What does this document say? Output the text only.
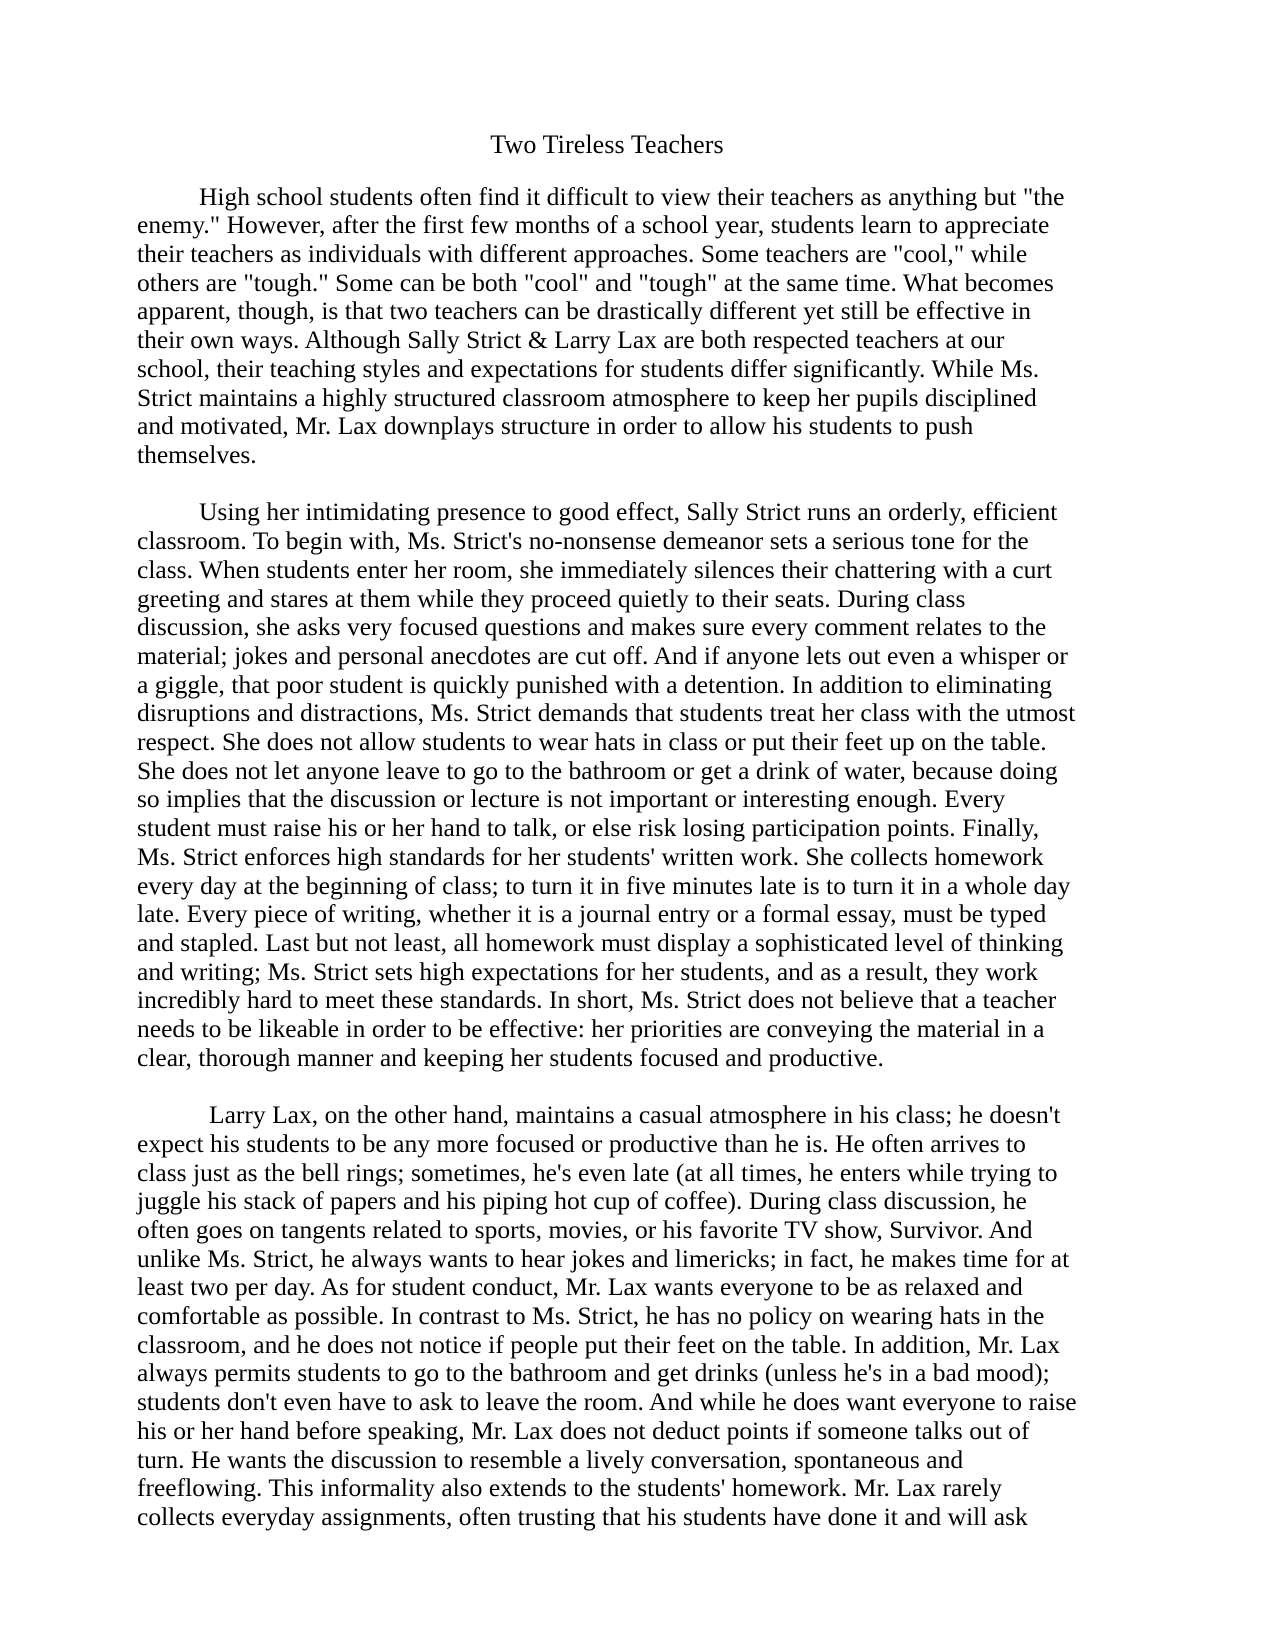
Two Tireless Teachers

High school students often find it difficult to view their teachers as anything but "the enemy." However, after the first few months of a school year, students learn to appreciate their teachers as individuals with different approaches. Some teachers are "cool," while others are "tough." Some can be both "cool" and "tough" at the same time. What becomes apparent, though, is that two teachers can be drastically different yet still be effective in their own ways. Although Sally Strict & Larry Lax are both respected teachers at our school, their teaching styles and expectations for students differ significantly. While Ms. Strict maintains a highly structured classroom atmosphere to keep her pupils disciplined and motivated, Mr. Lax downplays structure in order to allow his students to push themselves.

Using her intimidating presence to good effect, Sally Strict runs an orderly, efficient classroom. To begin with, Ms. Strict's no-nonsense demeanor sets a serious tone for the class. When students enter her room, she immediately silences their chattering with a curt greeting and stares at them while they proceed quietly to their seats. During class discussion, she asks very focused questions and makes sure every comment relates to the material; jokes and personal anecdotes are cut off. And if anyone lets out even a whisper or a giggle, that poor student is quickly punished with a detention. In addition to eliminating disruptions and distractions, Ms. Strict demands that students treat her class with the utmost respect. She does not allow students to wear hats in class or put their feet up on the table. She does not let anyone leave to go to the bathroom or get a drink of water, because doing so implies that the discussion or lecture is not important or interesting enough. Every student must raise his or her hand to talk, or else risk losing participation points. Finally, Ms. Strict enforces high standards for her students' written work. She collects homework every day at the beginning of class; to turn it in five minutes late is to turn it in a whole day late. Every piece of writing, whether it is a journal entry or a formal essay, must be typed and stapled. Last but not least, all homework must display a sophisticated level of thinking and writing; Ms. Strict sets high expectations for her students, and as a result, they work incredibly hard to meet these standards. In short, Ms. Strict does not believe that a teacher needs to be likeable in order to be effective: her priorities are conveying the material in a clear, thorough manner and keeping her students focused and productive.

Larry Lax, on the other hand, maintains a casual atmosphere in his class; he doesn't expect his students to be any more focused or productive than he is. He often arrives to class just as the bell rings; sometimes, he's even late (at all times, he enters while trying to juggle his stack of papers and his piping hot cup of coffee). During class discussion, he often goes on tangents related to sports, movies, or his favorite TV show, Survivor. And unlike Ms. Strict, he always wants to hear jokes and limericks; in fact, he makes time for at least two per day. As for student conduct, Mr. Lax wants everyone to be as relaxed and comfortable as possible. In contrast to Ms. Strict, he has no policy on wearing hats in the classroom, and he does not notice if people put their feet on the table. In addition, Mr. Lax always permits students to go to the bathroom and get drinks (unless he's in a bad mood); students don't even have to ask to leave the room. And while he does want everyone to raise his or her hand before speaking, Mr. Lax does not deduct points if someone talks out of turn. He wants the discussion to resemble a lively conversation, spontaneous and freeflowing. This informality also extends to the students' homework. Mr. Lax rarely collects everyday assignments, often trusting that his students have done it and will ask
